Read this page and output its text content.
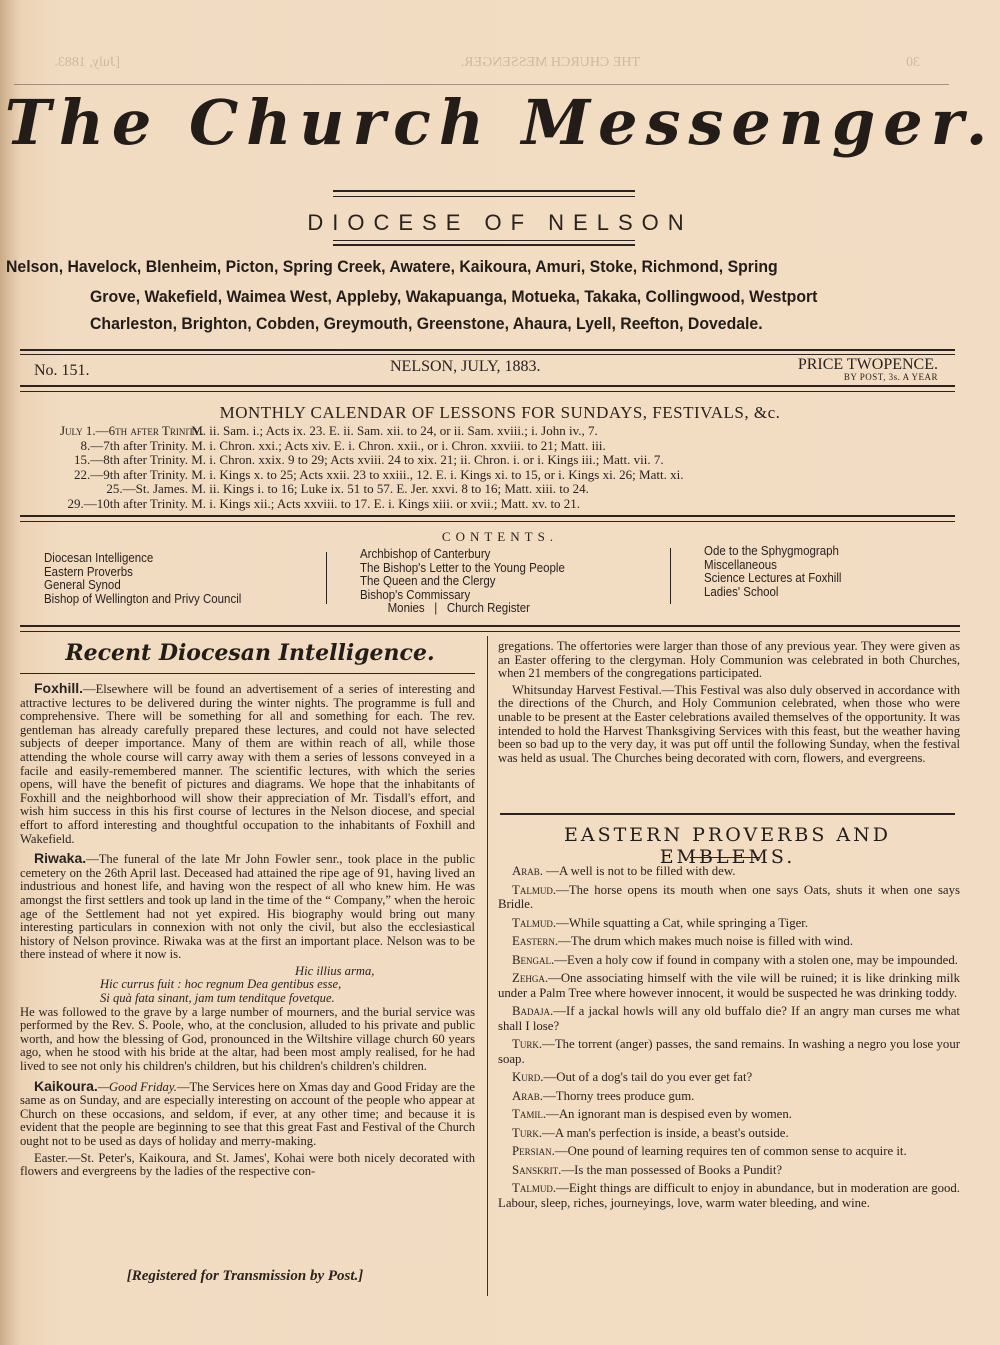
30
THE CHURCH MESSENGER.
[July, 1883.
The Church Messenger.
DIOCESE OF NELSON
Nelson, Havelock, Blenheim, Picton, Spring Creek, Awatere, Kaikoura, Amuri, Stoke, Richmond, Spring
Grove, Wakefield, Waimea West, Appleby, Wakapuanga, Motueka, Takaka, Collingwood, Westport
Charleston, Brighton, Cobden, Greymouth, Greenstone, Ahaura, Lyell, Reefton, Dovedale.
No. 151.	NELSON, JULY, 1883.	PRICE TWOPENCE.
BY POST, 3s. A YEAR
MONTHLY CALENDAR OF LESSONS FOR SUNDAYS, FESTIVALS, &c.
July 1.—6th after Trinity. M. ii. Sam. i.; Acts ix. 23. E. ii. Sam. xii. to 24, or ii. Sam. xviii.; i. John iv., 7.
8.—7th after Trinity. M. i. Chron. xxi.; Acts xiv. E. i. Chron. xxii., or i. Chron. xxviii. to 21; Matt. iii.
15.—8th after Trinity. M. i. Chron. xxix. 9 to 29; Acts xviii. 24 to xix. 21; ii. Chron. i. or i. Kings iii.; Matt. vii. 7.
22.—9th after Trinity. M. i. Kings x. to 25; Acts xxii. 23 to xxiii., 12. E. i. Kings xi. to 15, or i. Kings xi. 26; Matt. xi.
25.—St. James. M. ii. Kings i. to 16; Luke ix. 51 to 57. E. Jer. xxvi. 8 to 16; Matt. xiii. to 24.
29.—10th after Trinity. M. i. Kings xii.; Acts xxviii. to 17. E. i. Kings xiii. or xvii.; Matt. xv. to 21.
CONTENTS.
Diocesan Intelligence
Eastern Proverbs
General Synod
Bishop of Wellington and Privy Council
Archbishop of Canterbury
The Bishop's Letter to the Young People
The Queen and the Clergy
Bishop's Commissary
Monies | Church Register
Ode to the Sphygmograph
Miscellaneous
Science Lectures at Foxhill
Ladies' School
Recent Diocesan Intelligence.

Foxhill.—Elsewhere will be found an advertisement of a series of interesting and attractive lectures to be delivered during the winter nights. The programme is full and comprehensive. There will be something for all and something for each. The rev. gentleman has already carefully prepared these lectures, and could not have selected subjects of deeper importance. Many of them are within reach of all, while those attending the whole course will carry away with them a series of lessons conveyed in a facile and easily-remembered manner. The scientific lectures, with which the series opens, will have the benefit of pictures and diagrams. We hope that the inhabitants of Foxhill and the neighborhood will show their appreciation of Mr. Tisdall's effort, and wish him success in this his first course of lectures in the Nelson diocese, and special effort to afford interesting and thoughtful occupation to the inhabitants of Foxhill and Wakefield.

Riwaka.—The funeral of the late Mr John Fowler senr., took place in the public cemetery on the 26th April last. Deceased had attained the ripe age of 91, having lived an industrious and honest life, and having won the respect of all who knew him. He was amongst the first settlers and took up land in the time of the “ Company,” when the heroic age of the Settlement had not yet expired. His biography would bring out many interesting particulars in connexion with not only the civil, but also the ecclesiastical history of Nelson province. Riwaka was at the first an important place. Nelson was to be there instead of where it now is.

Hic illius arma,
Hic currus fuit : hoc regnum Dea gentibus esse,
Si quà fata sinant, jam tum tenditque fovetque.

He was followed to the grave by a large number of mourners, and the burial service was performed by the Rev. S. Poole, who, at the conclusion, alluded to his private and public worth, and how the blessing of God, pronounced in the Wiltshire village church 60 years ago, when he stood with his bride at the altar, had been most amply realised, for he had lived to see not only his children's children, but his children's children's children.

Kaikoura.—Good Friday.—The Services here on Xmas day and Good Friday are the same as on Sunday, and are especially interesting on account of the people who appear at Church on these occasions, and seldom, if ever, at any other time; and because it is evident that the people are beginning to see that this great Fast and Festival of the Church ought not to be used as days of holiday and merry-making.

Easter.—St. Peter's, Kaikoura, and St. James', Kohai were both nicely decorated with flowers and evergreens by the ladies of the respective con-

[Registered for Transmission by Post.]

gregations. The offertories were larger than those of any previous year. They were given as an Easter offering to the clergyman. Holy Communion was celebrated in both Churches, when 21 members of the congregations participated.

Whitsunday Harvest Festival.—This Festival was also duly observed in accordance with the directions of the Church, and Holy Communion celebrated, when those who were unable to be present at the Easter celebrations availed themselves of the opportunity. It was intended to hold the Harvest Thanksgiving Services with this feast, but the weather having been so bad up to the very day, it was put off until the following Sunday, when the festival was held as usual. The Churches being decorated with corn, flowers, and evergreens.

EASTERN PROVERBS AND EMBLEMS.

Arab. —A well is not to be filled with dew.

Talmud.—The horse opens its mouth when one says Oats, shuts it when one says Bridle.

Talmud.—While squatting a Cat, while springing a Tiger.

Eastern.—The drum which makes much noise is filled with wind.

Bengal.—Even a holy cow if found in company with a stolen one, may be impounded.

Zehga.—One associating himself with the vile will be ruined; it is like drinking milk under a Palm Tree where however innocent, it would be suspected he was drinking toddy.

Badaja.—If a jackal howls will any old buffalo die? If an angry man curses me what shall I lose?

Turk.—The torrent (anger) passes, the sand remains. In washing a negro you lose your soap.

Kurd.—Out of a dog's tail do you ever get fat?

Arab.—Thorny trees produce gum.

Tamil.—An ignorant man is despised even by women.

Turk.—A man's perfection is inside, a beast's outside.

Persian.—One pound of learning requires ten of common sense to acquire it.

Sanskrit.—Is the man possessed of Books a Pundit?

Talmud.—Eight things are difficult to enjoy in abundance, but in moderation are good. Labour, sleep, riches, journeyings, love, warm water bleeding, and wine.
